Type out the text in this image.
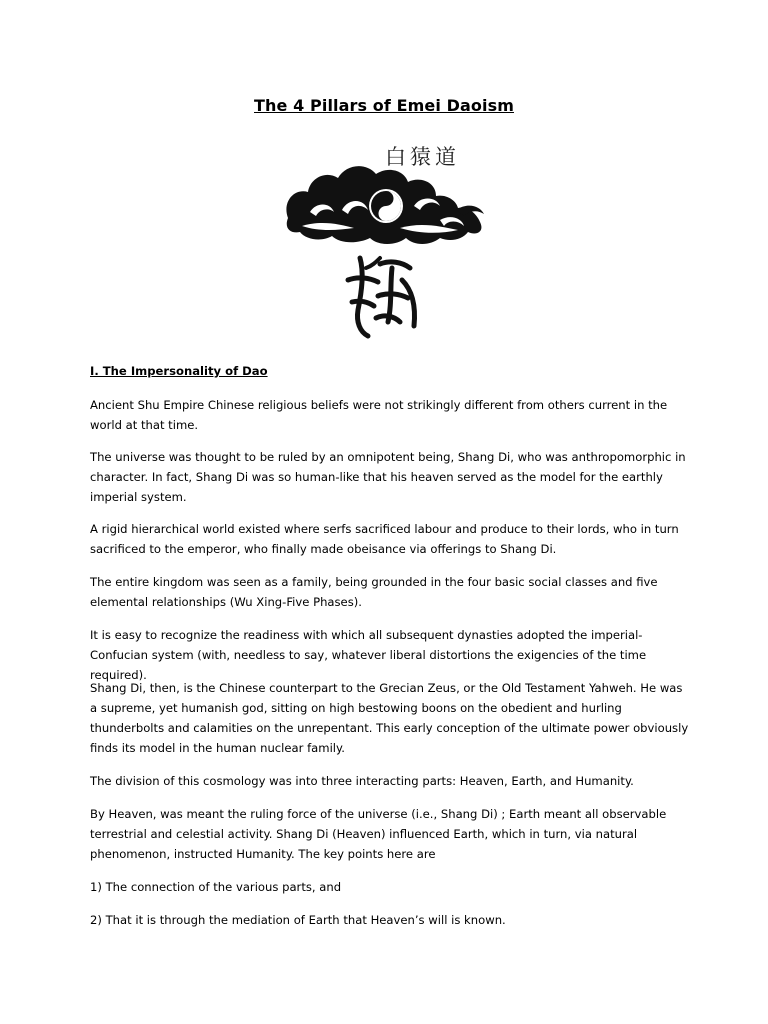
The 4 Pillars of Emei Daoism
白猿道
I. The Impersonality of Dao

Ancient Shu Empire Chinese religious beliefs were not strikingly different from others current in the world at that time.

The universe was thought to be ruled by an omnipotent being, Shang Di, who was anthropomorphic in character. In fact, Shang Di was so human-like that his heaven served as the model for the earthly imperial system.

A rigid hierarchical world existed where serfs sacrificed labour and produce to their lords, who in turn sacrificed to the emperor, who finally made obeisance via offerings to Shang Di.

The entire kingdom was seen as a family, being grounded in the four basic social classes and five elemental relationships (Wu Xing-Five Phases).

It is easy to recognize the readiness with which all subsequent dynasties adopted the imperial-Confucian system (with, needless to say, whatever liberal distortions the exigencies of the time required).

Shang Di, then, is the Chinese counterpart to the Grecian Zeus, or the Old Testament Yahweh. He was a supreme, yet humanish god, sitting on high bestowing boons on the obedient and hurling thunderbolts and calamities on the unrepentant. This early conception of the ultimate power obviously finds its model in the human nuclear family.

The division of this cosmology was into three interacting parts: Heaven, Earth, and Humanity.

By Heaven, was meant the ruling force of the universe (i.e., Shang Di) ; Earth meant all observable terrestrial and celestial activity. Shang Di (Heaven) influenced Earth, which in turn, via natural phenomenon, instructed Humanity. The key points here are

1) The connection of the various parts, and

2) That it is through the mediation of Earth that Heaven’s will is known.
